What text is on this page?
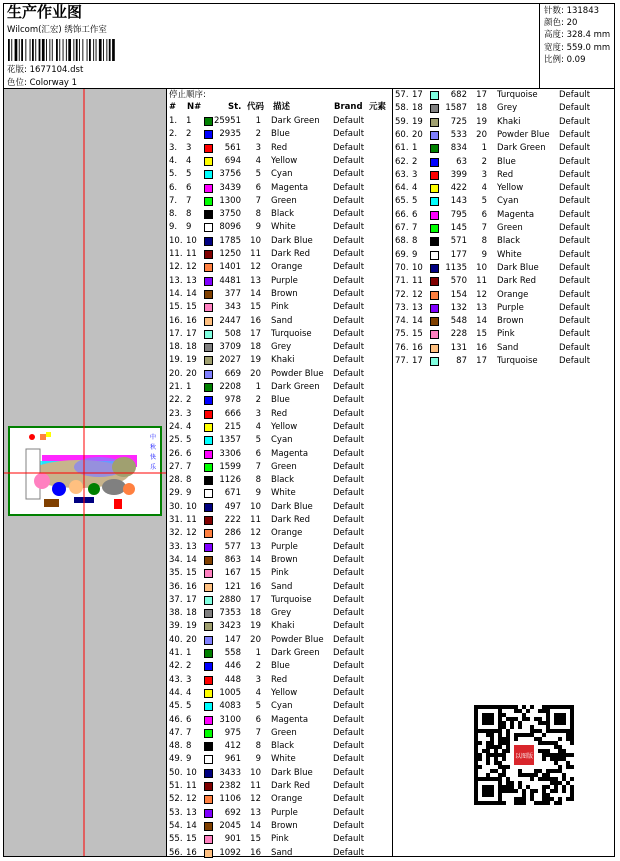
生产作业图
Wilcom(汇宏) 绣饰工作室
花版: 1677104.dst
色位: Colorway 1
针数: 131843
颜色: 20
高度: 328.4 mm
宽度: 559.0 mm
比例: 0.09
中
秋
快
乐
停止顺序:
# N#	St. 代码 描述	Brand 元素
1. 1	25951	1 Dark Green Default
2. 2	2935	2 Blue	Default
3. 3	561	3 Red	Default
4. 4	694	4 Yellow	Default
5. 5	3756	5 Cyan	Default
6. 6	3439	6 Magenta	Default
7. 7	1300	7 Green	Default
8. 8	3750	8 Black	Default
9. 9	8096	9 White	Default
10. 10	1785	10 Dark Blue Default
11. 11	1250	11 Dark Red	Default
12. 12	1401	12 Orange	Default
13. 13	4481	13 Purple	Default
14. 14	377	14 Brown	Default
15. 15	343	15 Pink	Default
16. 16	2447	16 Sand	Default
17. 17	508	17 Turquoise	Default
18. 18	3709	18 Grey	Default
19. 19	2027	19 Khaki	Default
20. 20	669	20 Powder Blue Default
21. 1	2208	1 Dark Green Default
22. 2	978	2 Blue	Default
23. 3	666	3 Red	Default
24. 4	215	4 Yellow	Default
25. 5	1357	5 Cyan	Default
26. 6	3306	6 Magenta	Default
27. 7	1599	7 Green	Default
28. 8	1126	8 Black	Default
29. 9	671	9 White	Default
30. 10	497	10 Dark Blue Default
31. 11	222	11 Dark Red	Default
32. 12	286	12 Orange	Default
33. 13	577	13 Purple	Default
34. 14	863	14 Brown	Default
35. 15	167	15 Pink	Default
36. 16	121	16 Sand	Default
37. 17	2880	17 Turquoise	Default
38. 18	7353	18 Grey	Default
39. 19	3423	19 Khaki	Default
40. 20	147	20 Powder Blue Default
41. 1	558	1 Dark Green Default
42. 2	446	2 Blue	Default
43. 3	448	3 Red	Default
44. 4	1005	4 Yellow	Default
45. 5	4083	5 Cyan	Default
46. 6	3100	6 Magenta	Default
47. 7	975	7 Green	Default
48. 8	412	8 Black	Default
49. 9	961	9 White	Default
50. 10	3433	10 Dark Blue Default
51. 11	2382	11 Dark Red	Default
52. 12	1106	12 Orange	Default
53. 13	692	13 Purple	Default
54. 14	2045	14 Brown	Default
55. 15	901	15 Pink	Default
56. 16	1092	16 Sand	Default
57. 17	682	17 Turquoise	Default
58. 18	1587	18 Grey	Default
59. 19	725	19 Khaki	Default
60. 20	533	20 Powder Blue Default
61. 1	834	1 Dark Green Default
62. 2	63	2 Blue	Default
63. 3	399	3 Red	Default
64. 4	422	4 Yellow	Default
65. 5	143	5 Cyan	Default
66. 6	795	6 Magenta	Default
67. 7	145	7 Green	Default
68. 8	571	8 Black	Default
69. 9	177	9 White	Default
70. 10	1135	10 Dark Blue Default
71. 11	570	11 Dark Red	Default
72. 12	154	12 Orange	Default
73. 13	132	13 Purple	Default
74. 14	548	14 Brown	Default
75. 15	228	15 Pink	Default
76. 16	131	16 Sand	Default
77. 17	87	17 Turquoise	Default
以图版
